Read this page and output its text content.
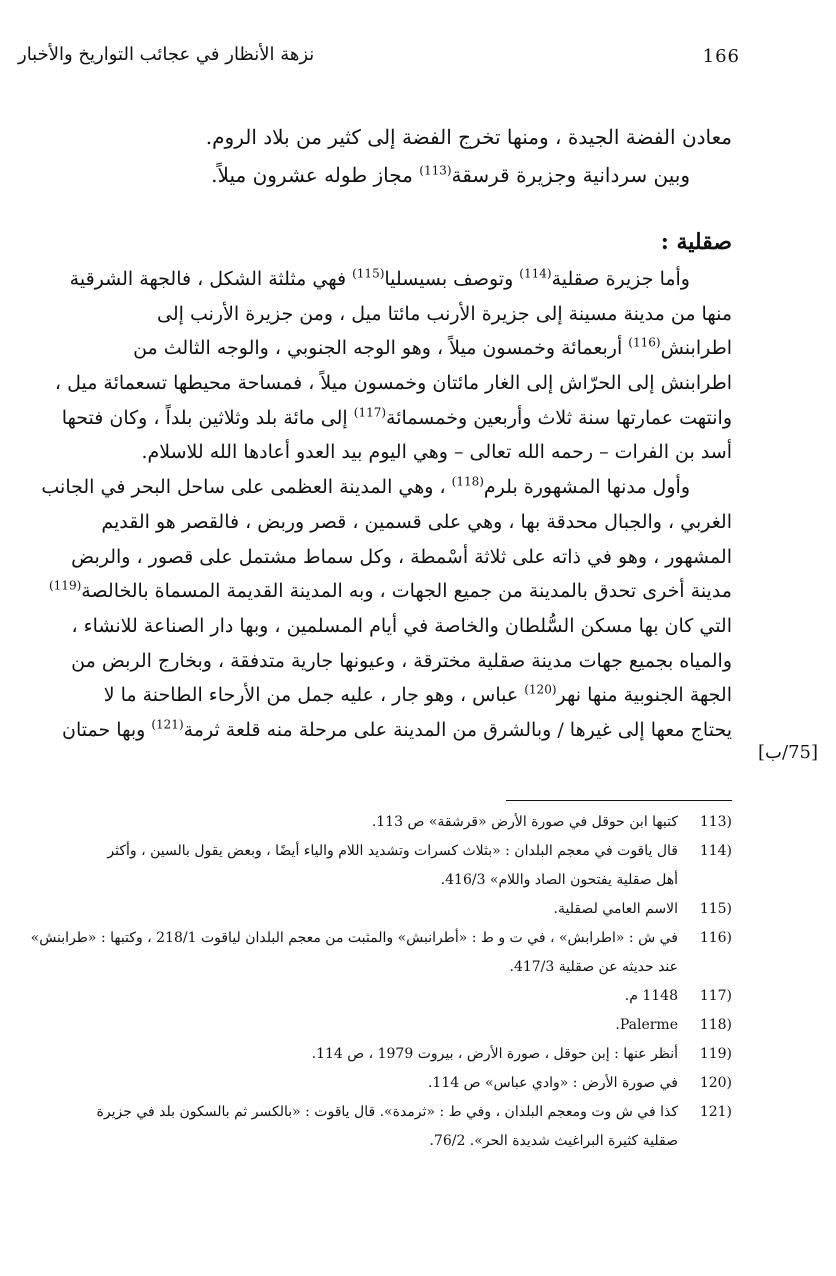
نزهة الأنظار في عجائب التواريخ والأخبار	166
معادن الفضة الجيدة ، ومنها تخرج الفضة إلى كثير من بلاد الروم.
وبين سردانية وجزيرة قرسقة$^{(113)}$ مجاز طوله عشرون ميلاً.
صقلية :
وأما جزيرة صقلية$^{(114)}$ وتوصف بسيسليا$^{(115)}$ فهي مثلثة الشكل ، فالجهة الشرقية
منها من مدينة مسينة إلى جزيرة الأرنب مائتا ميل ، ومن جزيرة الأرنب إلى
اطرابنش$^{(116)}$ أربعمائة وخمسون ميلاً ، وهو الوجه الجنوبي ، والوجه الثالث من
اطرابنش إلى الحرّاش إلى الغار مائتان وخمسون ميلاً ، فمساحة محيطها تسعمائة ميل ،
وانتهت عمارتها سنة ثلاث وأربعين وخمسمائة$^{(117)}$ إلى مائة بلد وثلاثين بلداً ، وكان فتحها
أسد بن الفرات – رحمه الله تعالى – وهي اليوم بيد العدو أعادها الله للاسلام.
وأول مدنها المشهورة بلرم$^{(118)}$ ، وهي المدينة العظمى على ساحل البحر في الجانب
الغربي ، والجبال محدقة بها ، وهي على قسمين ، قصر وربض ، فالقصر هو القديم
المشهور ، وهو في ذاته على ثلاثة أسْمطة ، وكل سماط مشتمل على قصور ، والربض
مدينة أخرى تحدق بالمدينة من جميع الجهات ، وبه المدينة القديمة المسماة بالخالصة$^{(119)}$
التي كان بها مسكن السُّلطان والخاصة في أيام المسلمين ، وبها دار الصناعة للانشاء ،
والمياه بجميع جهات مدينة صقلية مخترقة ، وعيونها جارية متدفقة ، وبخارج الربض من
الجهة الجنوبية منها نهر$^{(120)}$ عباس ، وهو جار ، عليه جمل من الأرحاء الطاحنة ما لا
يحتاج معها إلى غيرها / وبالشرق من المدينة على مرحلة منه قلعة ثرمة$^{(121)}$ وبها حمتان
[75/ب]
113)
كتبها ابن حوقل في صورة الأرض «قرشقة» ص 113.
114)
قال ياقوت في معجم البلدان : «بثلاث كسرات وتشديد اللام والياء أيضًا ، وبعض يقول بالسين ، وأكثر
أهل صقلية يفتحون الصاد واللام» 416/3.
115)
الاسم العامي لصقلية.
116)
في ش : «اطرابش» ، في ت و ط : «أطرانبش» والمثبت من معجم البلدان لياقوت 218/1 ، وكتبها : «طرابنش»
عند حديثه عن صقلية 417/3.
117)
1148 م.
118)
Palerme.
119)
أنظر عنها : إبن حوقل ، صورة الأرض ، بيروت 1979 ، ص 114.
120)
في صورة الأرض : «وادي عباس» ص 114.
121)
كذا في ش وت ومعجم البلدان ، وفي ط : «ثرمدة». قال ياقوت : «بالكسر ثم بالسكون بلد في جزيرة
صقلية كثيرة البراغيث شديدة الحر». 76/2.
